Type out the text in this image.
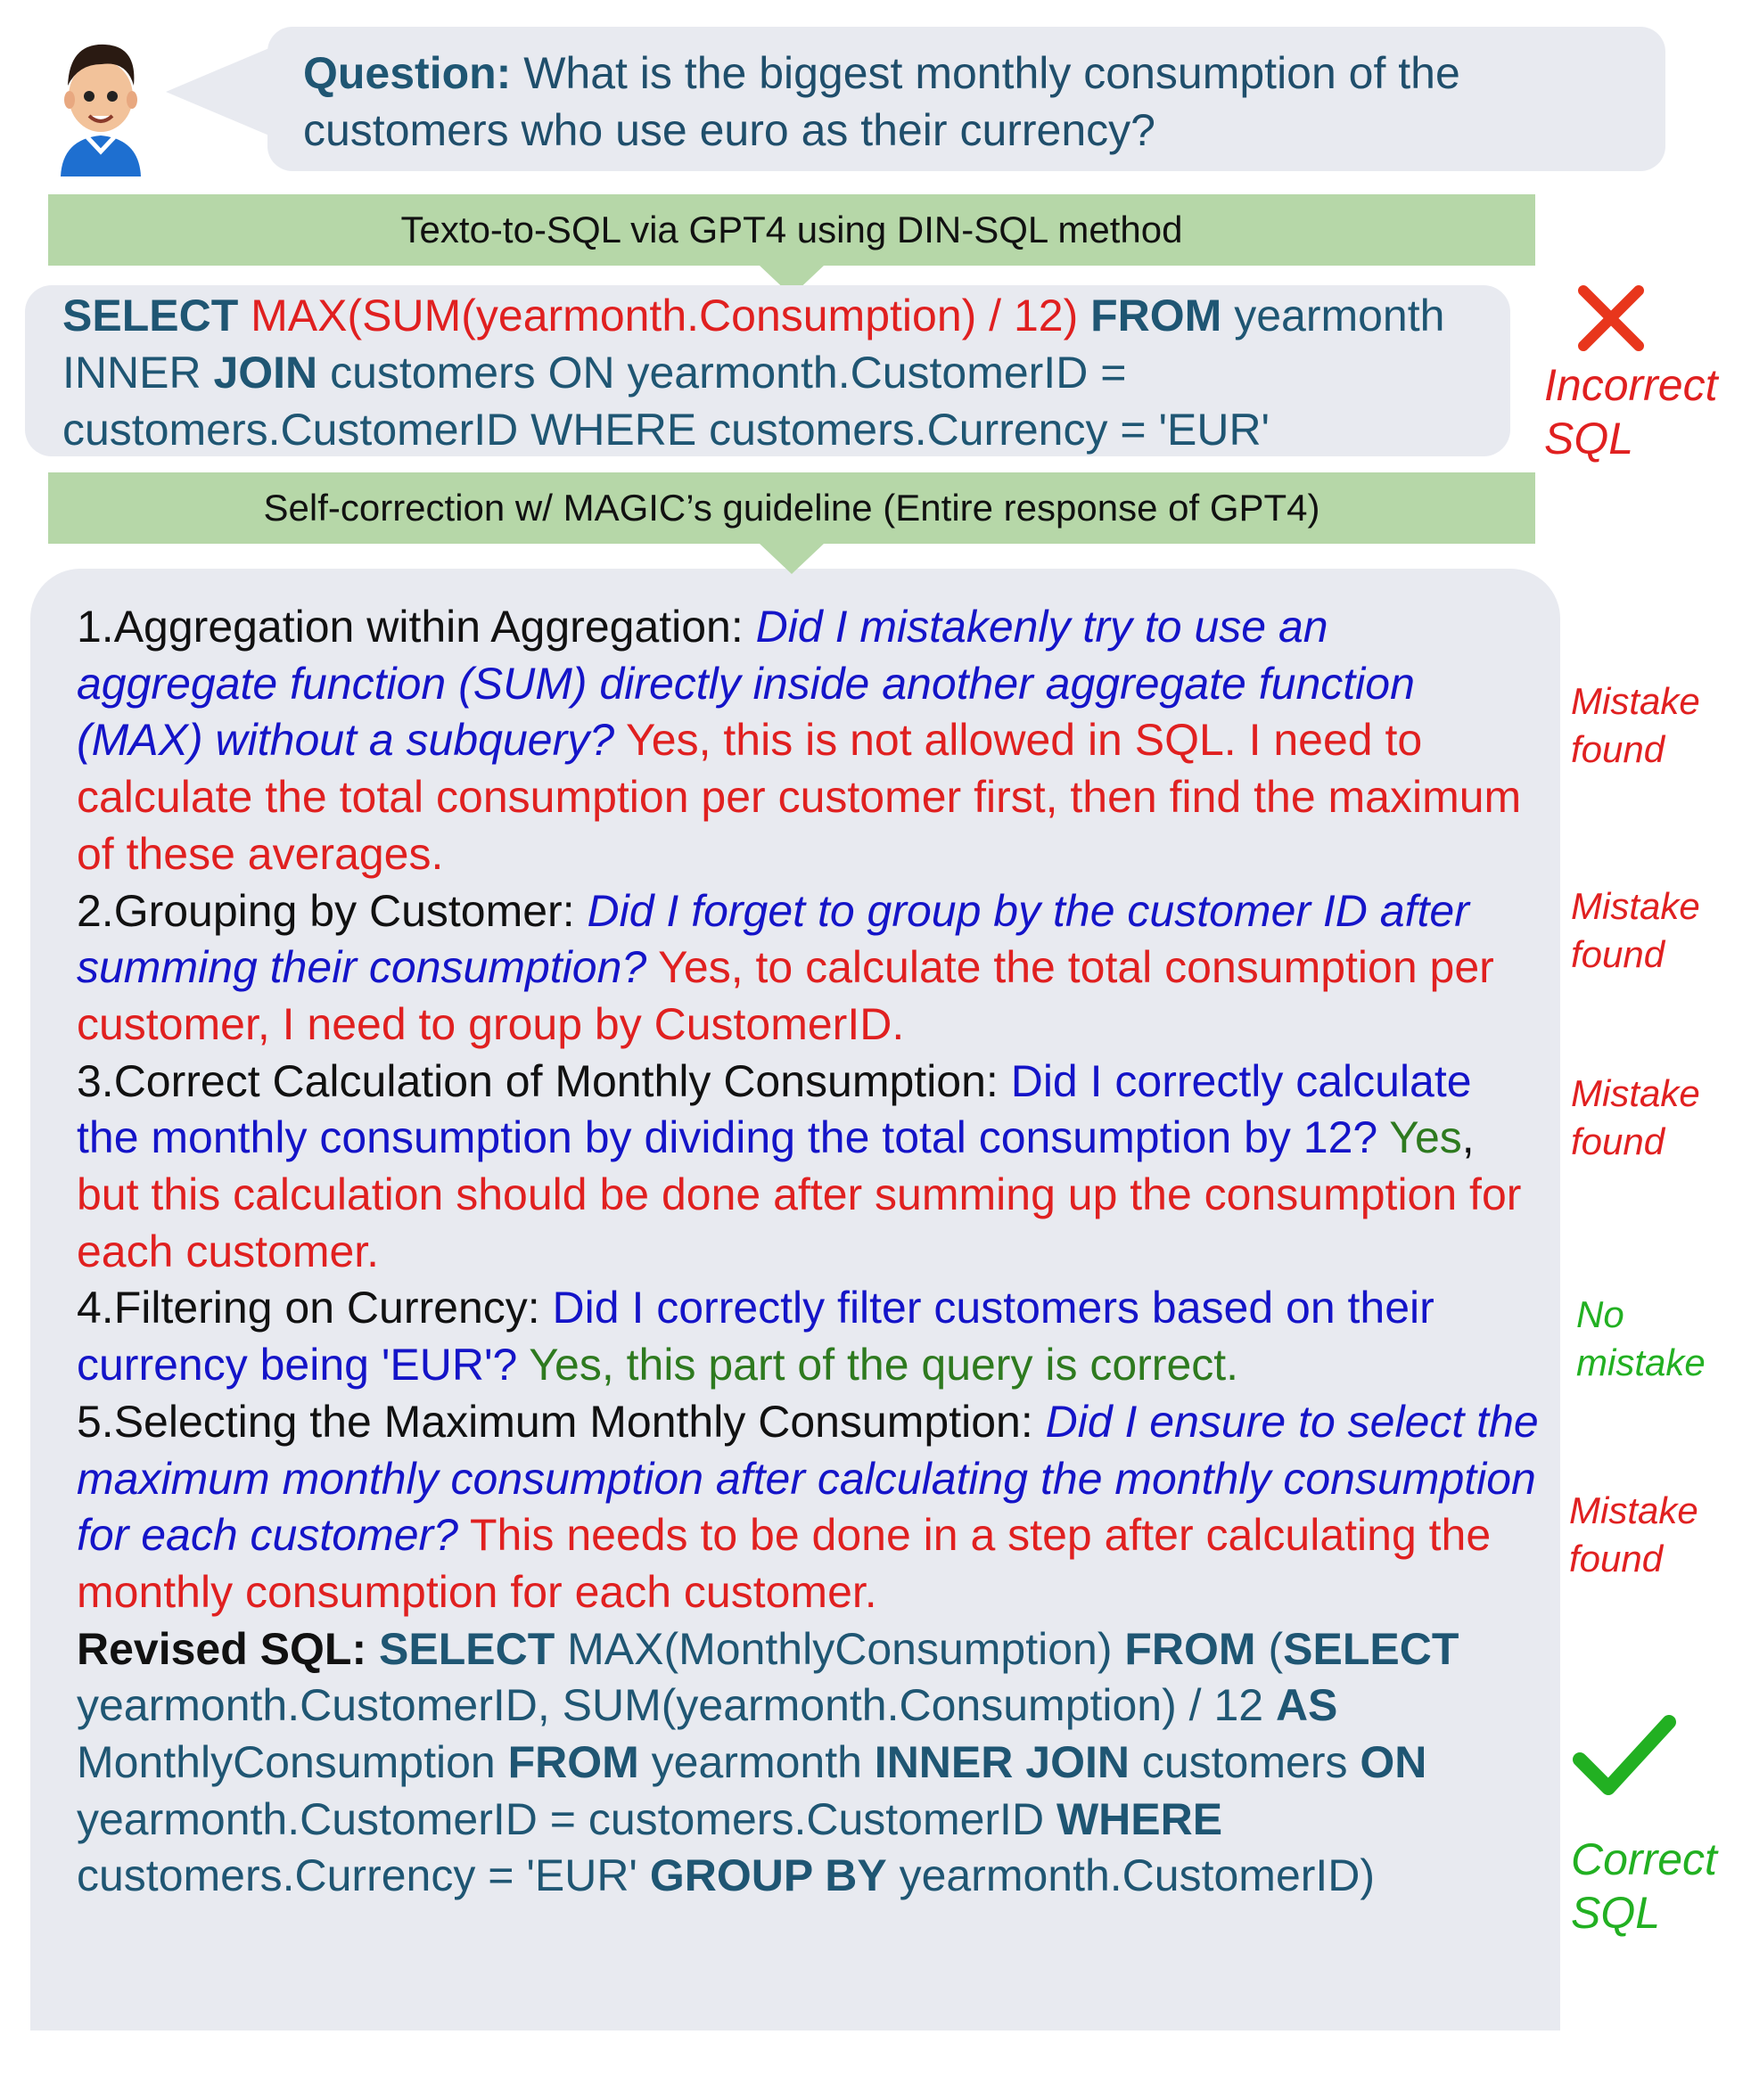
Question: What is the biggest monthly consumption of the customers who use euro as their currency?
Texto-to-SQL via GPT4 using DIN-SQL method
SELECT MAX(SUM(yearmonth.Consumption) / 12) FROM yearmonth INNER JOIN customers ON yearmonth.CustomerID = customers.CustomerID WHERE customers.Currency = 'EUR'
Incorrect
SQL
Self-correction w/ MAGIC’s guideline (Entire response of GPT4)
1.Aggregation within Aggregation: Did I mistakenly try to use an aggregate function (SUM) directly inside another aggregate function (MAX) without a subquery? Yes, this is not allowed in SQL. I need to calculate the total consumption per customer first, then find the maximum of these averages.
2.Grouping by Customer: Did I forget to group by the customer ID after summing their consumption? Yes, to calculate the total consumption per customer, I need to group by CustomerID.
3.Correct Calculation of Monthly Consumption: Did I correctly calculate the monthly consumption by dividing the total consumption by 12? Yes, but this calculation should be done after summing up the consumption for each customer.
4.Filtering on Currency: Did I correctly filter customers based on their currency being 'EUR'? Yes, this part of the query is correct.
5.Selecting the Maximum Monthly Consumption: Did I ensure to select the maximum monthly consumption after calculating the monthly consumption for each customer? This needs to be done in a step after calculating the monthly consumption for each customer.
Revised SQL: SELECT MAX(MonthlyConsumption) FROM (SELECT yearmonth.CustomerID, SUM(yearmonth.Consumption) / 12 AS MonthlyConsumption FROM yearmonth INNER JOIN customers ON yearmonth.CustomerID = customers.CustomerID WHERE customers.Currency = 'EUR' GROUP BY yearmonth.CustomerID)
Mistake
found
Mistake
found
Mistake
found
No
mistake
Mistake
found
Correct
SQL
